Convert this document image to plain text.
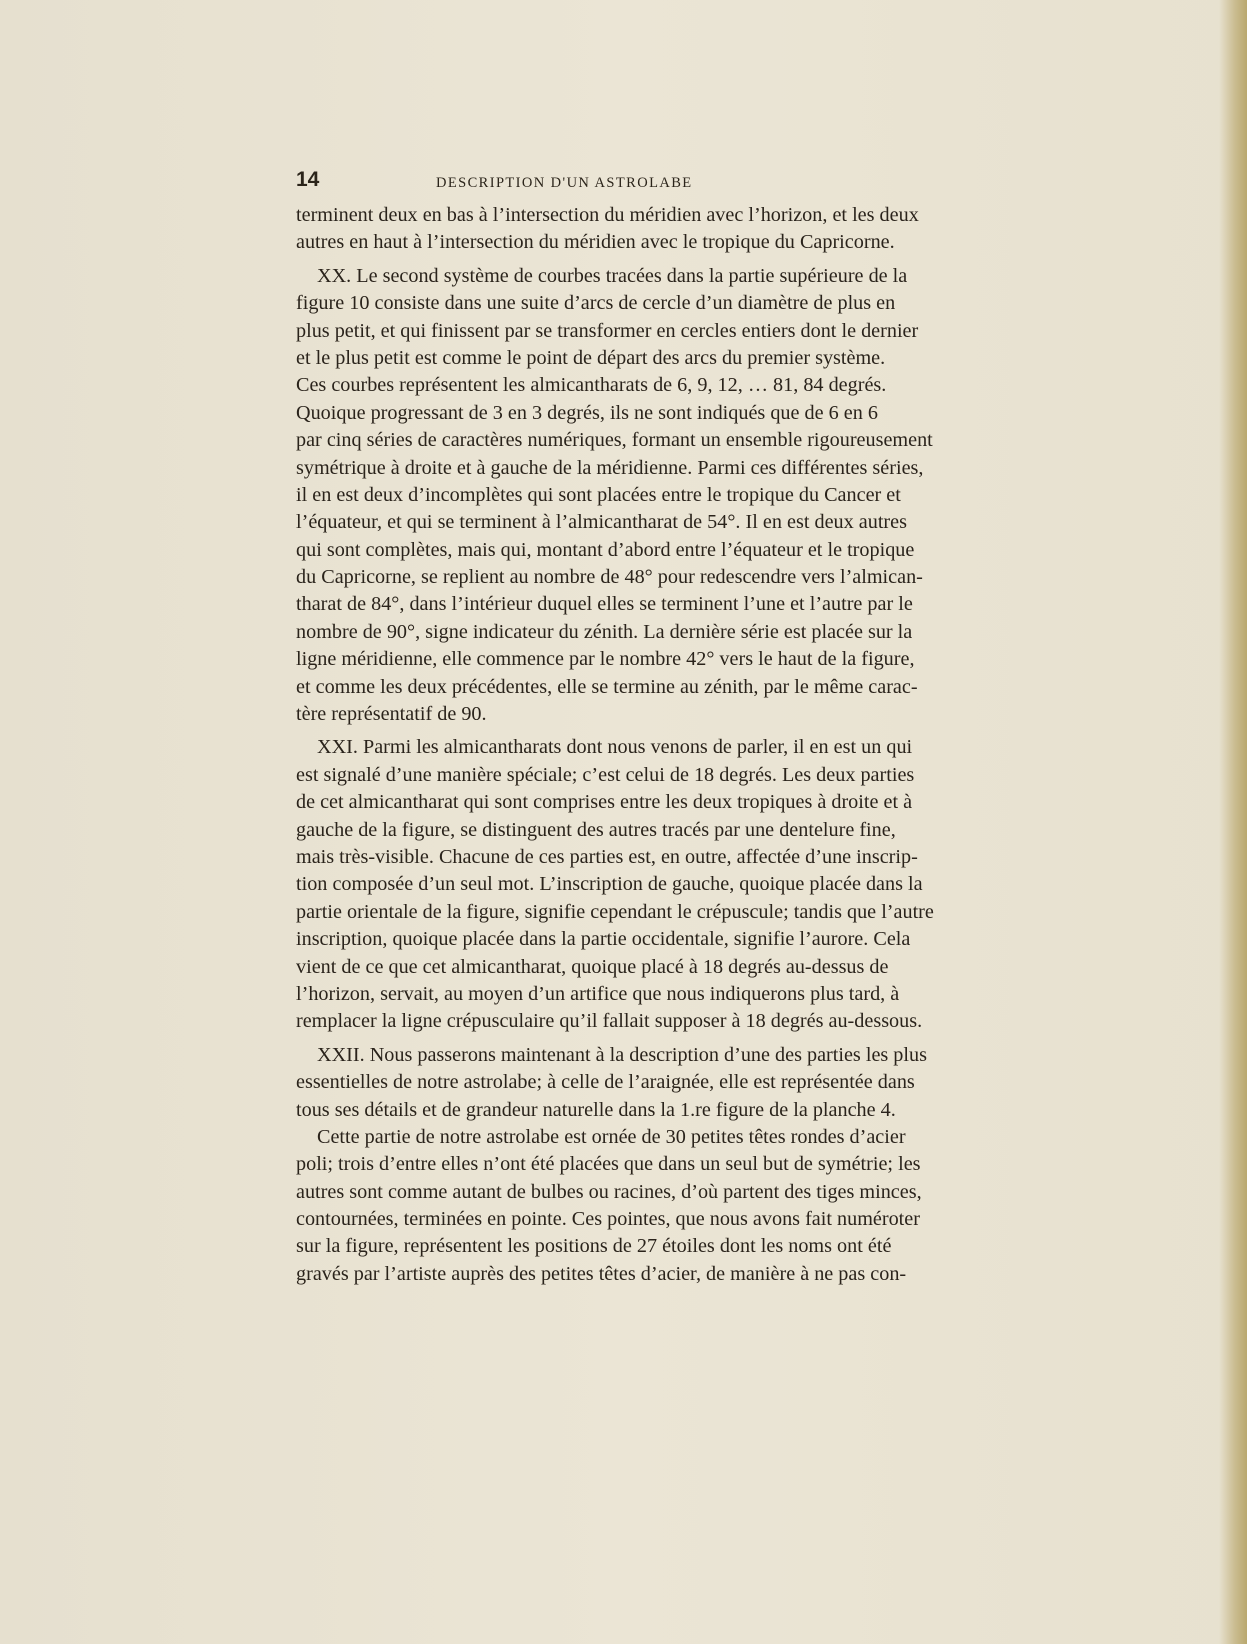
14	DESCRIPTION D'UN ASTROLABE
terminent deux en bas à l’intersection du méridien avec l’horizon, et les deux
autres en haut à l’intersection du méridien avec le tropique du Capricorne.
XX. Le second système de courbes tracées dans la partie supérieure de la
figure 10 consiste dans une suite d’arcs de cercle d’un diamètre de plus en
plus petit, et qui finissent par se transformer en cercles entiers dont le dernier
et le plus petit est comme le point de départ des arcs du premier système.
Ces courbes représentent les almicantharats de 6, 9, 12, … 81, 84 degrés.
Quoique progressant de 3 en 3 degrés, ils ne sont indiqués que de 6 en 6
par cinq séries de caractères numériques, formant un ensemble rigoureusement
symétrique à droite et à gauche de la méridienne. Parmi ces différentes séries,
il en est deux d’incomplètes qui sont placées entre le tropique du Cancer et
l’équateur, et qui se terminent à l’almicantharat de 54°. Il en est deux autres
qui sont complètes, mais qui, montant d’abord entre l’équateur et le tropique
du Capricorne, se replient au nombre de 48° pour redescendre vers l’almican-
tharat de 84°, dans l’intérieur duquel elles se terminent l’une et l’autre par le
nombre de 90°, signe indicateur du zénith. La dernière série est placée sur la
ligne méridienne, elle commence par le nombre 42° vers le haut de la figure,
et comme les deux précédentes, elle se termine au zénith, par le même carac-
tère représentatif de 90.
XXI. Parmi les almicantharats dont nous venons de parler, il en est un qui
est signalé d’une manière spéciale; c’est celui de 18 degrés. Les deux parties
de cet almicantharat qui sont comprises entre les deux tropiques à droite et à
gauche de la figure, se distinguent des autres tracés par une dentelure fine,
mais très-visible. Chacune de ces parties est, en outre, affectée d’une inscrip-
tion composée d’un seul mot. L’inscription de gauche, quoique placée dans la
partie orientale de la figure, signifie cependant le crépuscule; tandis que l’autre
inscription, quoique placée dans la partie occidentale, signifie l’aurore. Cela
vient de ce que cet almicantharat, quoique placé à 18 degrés au-dessus de
l’horizon, servait, au moyen d’un artifice que nous indiquerons plus tard, à
remplacer la ligne crépusculaire qu’il fallait supposer à 18 degrés au-dessous.
XXII. Nous passerons maintenant à la description d’une des parties les plus
essentielles de notre astrolabe; à celle de l’araignée, elle est représentée dans
tous ses détails et de grandeur naturelle dans la 1.re figure de la planche 4.
Cette partie de notre astrolabe est ornée de 30 petites têtes rondes d’acier
poli; trois d’entre elles n’ont été placées que dans un seul but de symétrie; les
autres sont comme autant de bulbes ou racines, d’où partent des tiges minces,
contournées, terminées en pointe. Ces pointes, que nous avons fait numéroter
sur la figure, représentent les positions de 27 étoiles dont les noms ont été
gravés par l’artiste auprès des petites têtes d’acier, de manière à ne pas con-
